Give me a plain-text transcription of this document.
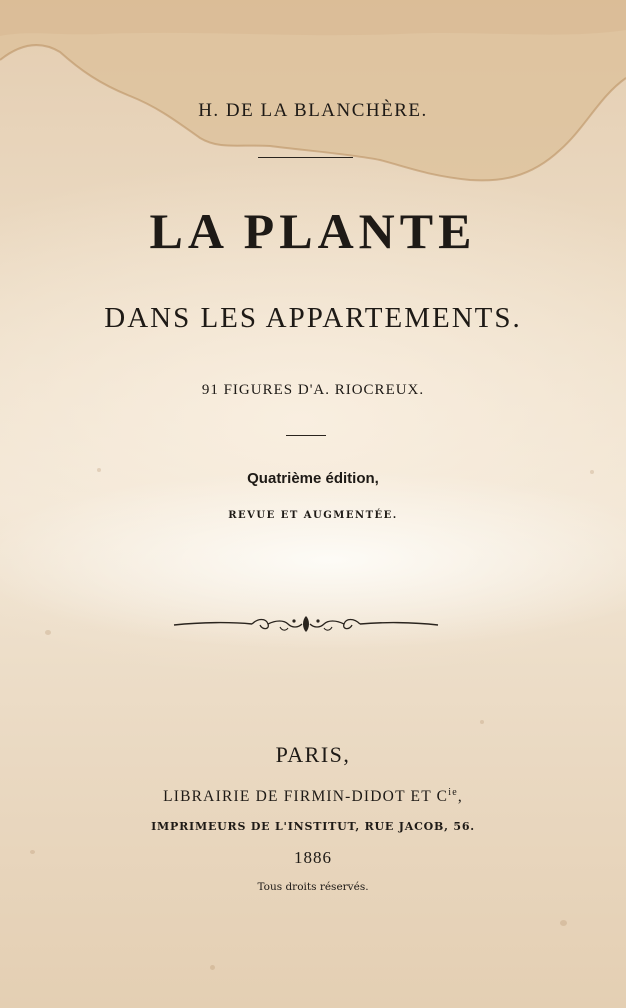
H. DE LA BLANCHÈRE.
LA PLANTE
DANS LES APPARTEMENTS.
91 FIGURES D'A. RIOCREUX.
Quatrième édition,
REVUE ET AUGMENTÉE.
PARIS,
LIBRAIRIE DE FIRMIN-DIDOT ET $C^{ie}$,
IMPRIMEURS DE L'INSTITUT, RUE JACOB, 56.
1886
Tous droits réservés.
